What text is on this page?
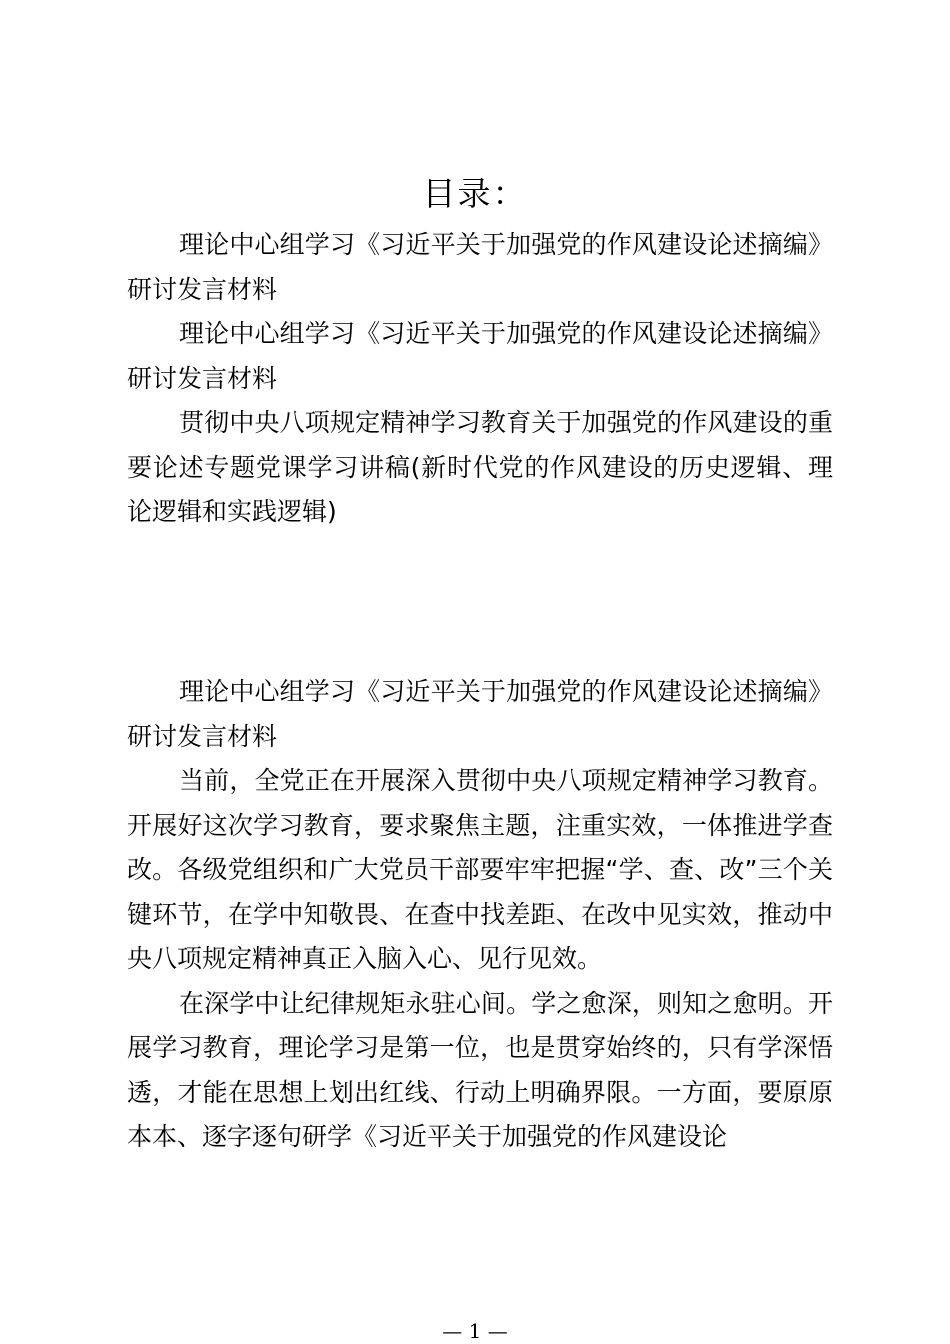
目录：

理论中心组学习《习近平关于加强党的作风建设论述摘编》研讨发言材料

理论中心组学习《习近平关于加强党的作风建设论述摘编》研讨发言材料

贯彻中央八项规定精神学习教育关于加强党的作风建设的重要论述专题党课学习讲稿(新时代党的作风建设的历史逻辑、理论逻辑和实践逻辑)

理论中心组学习《习近平关于加强党的作风建设论述摘编》研讨发言材料

当前，全党正在开展深入贯彻中央八项规定精神学习教育。开展好这次学习教育，要求聚焦主题，注重实效，一体推进学查改。各级党组织和广大党员干部要牢牢把握“学、查、改”三个关键环节，在学中知敬畏、在查中找差距、在改中见实效，推动中央八项规定精神真正入脑入心、见行见效。

在深学中让纪律规矩永驻心间。学之愈深，则知之愈明。开展学习教育，理论学习是第一位，也是贯穿始终的，只有学深悟透，才能在思想上划出红线、行动上明确界限。一方面，要原原本本、逐字逐句研学《习近平关于加强党的作风建设论

— 1 —
